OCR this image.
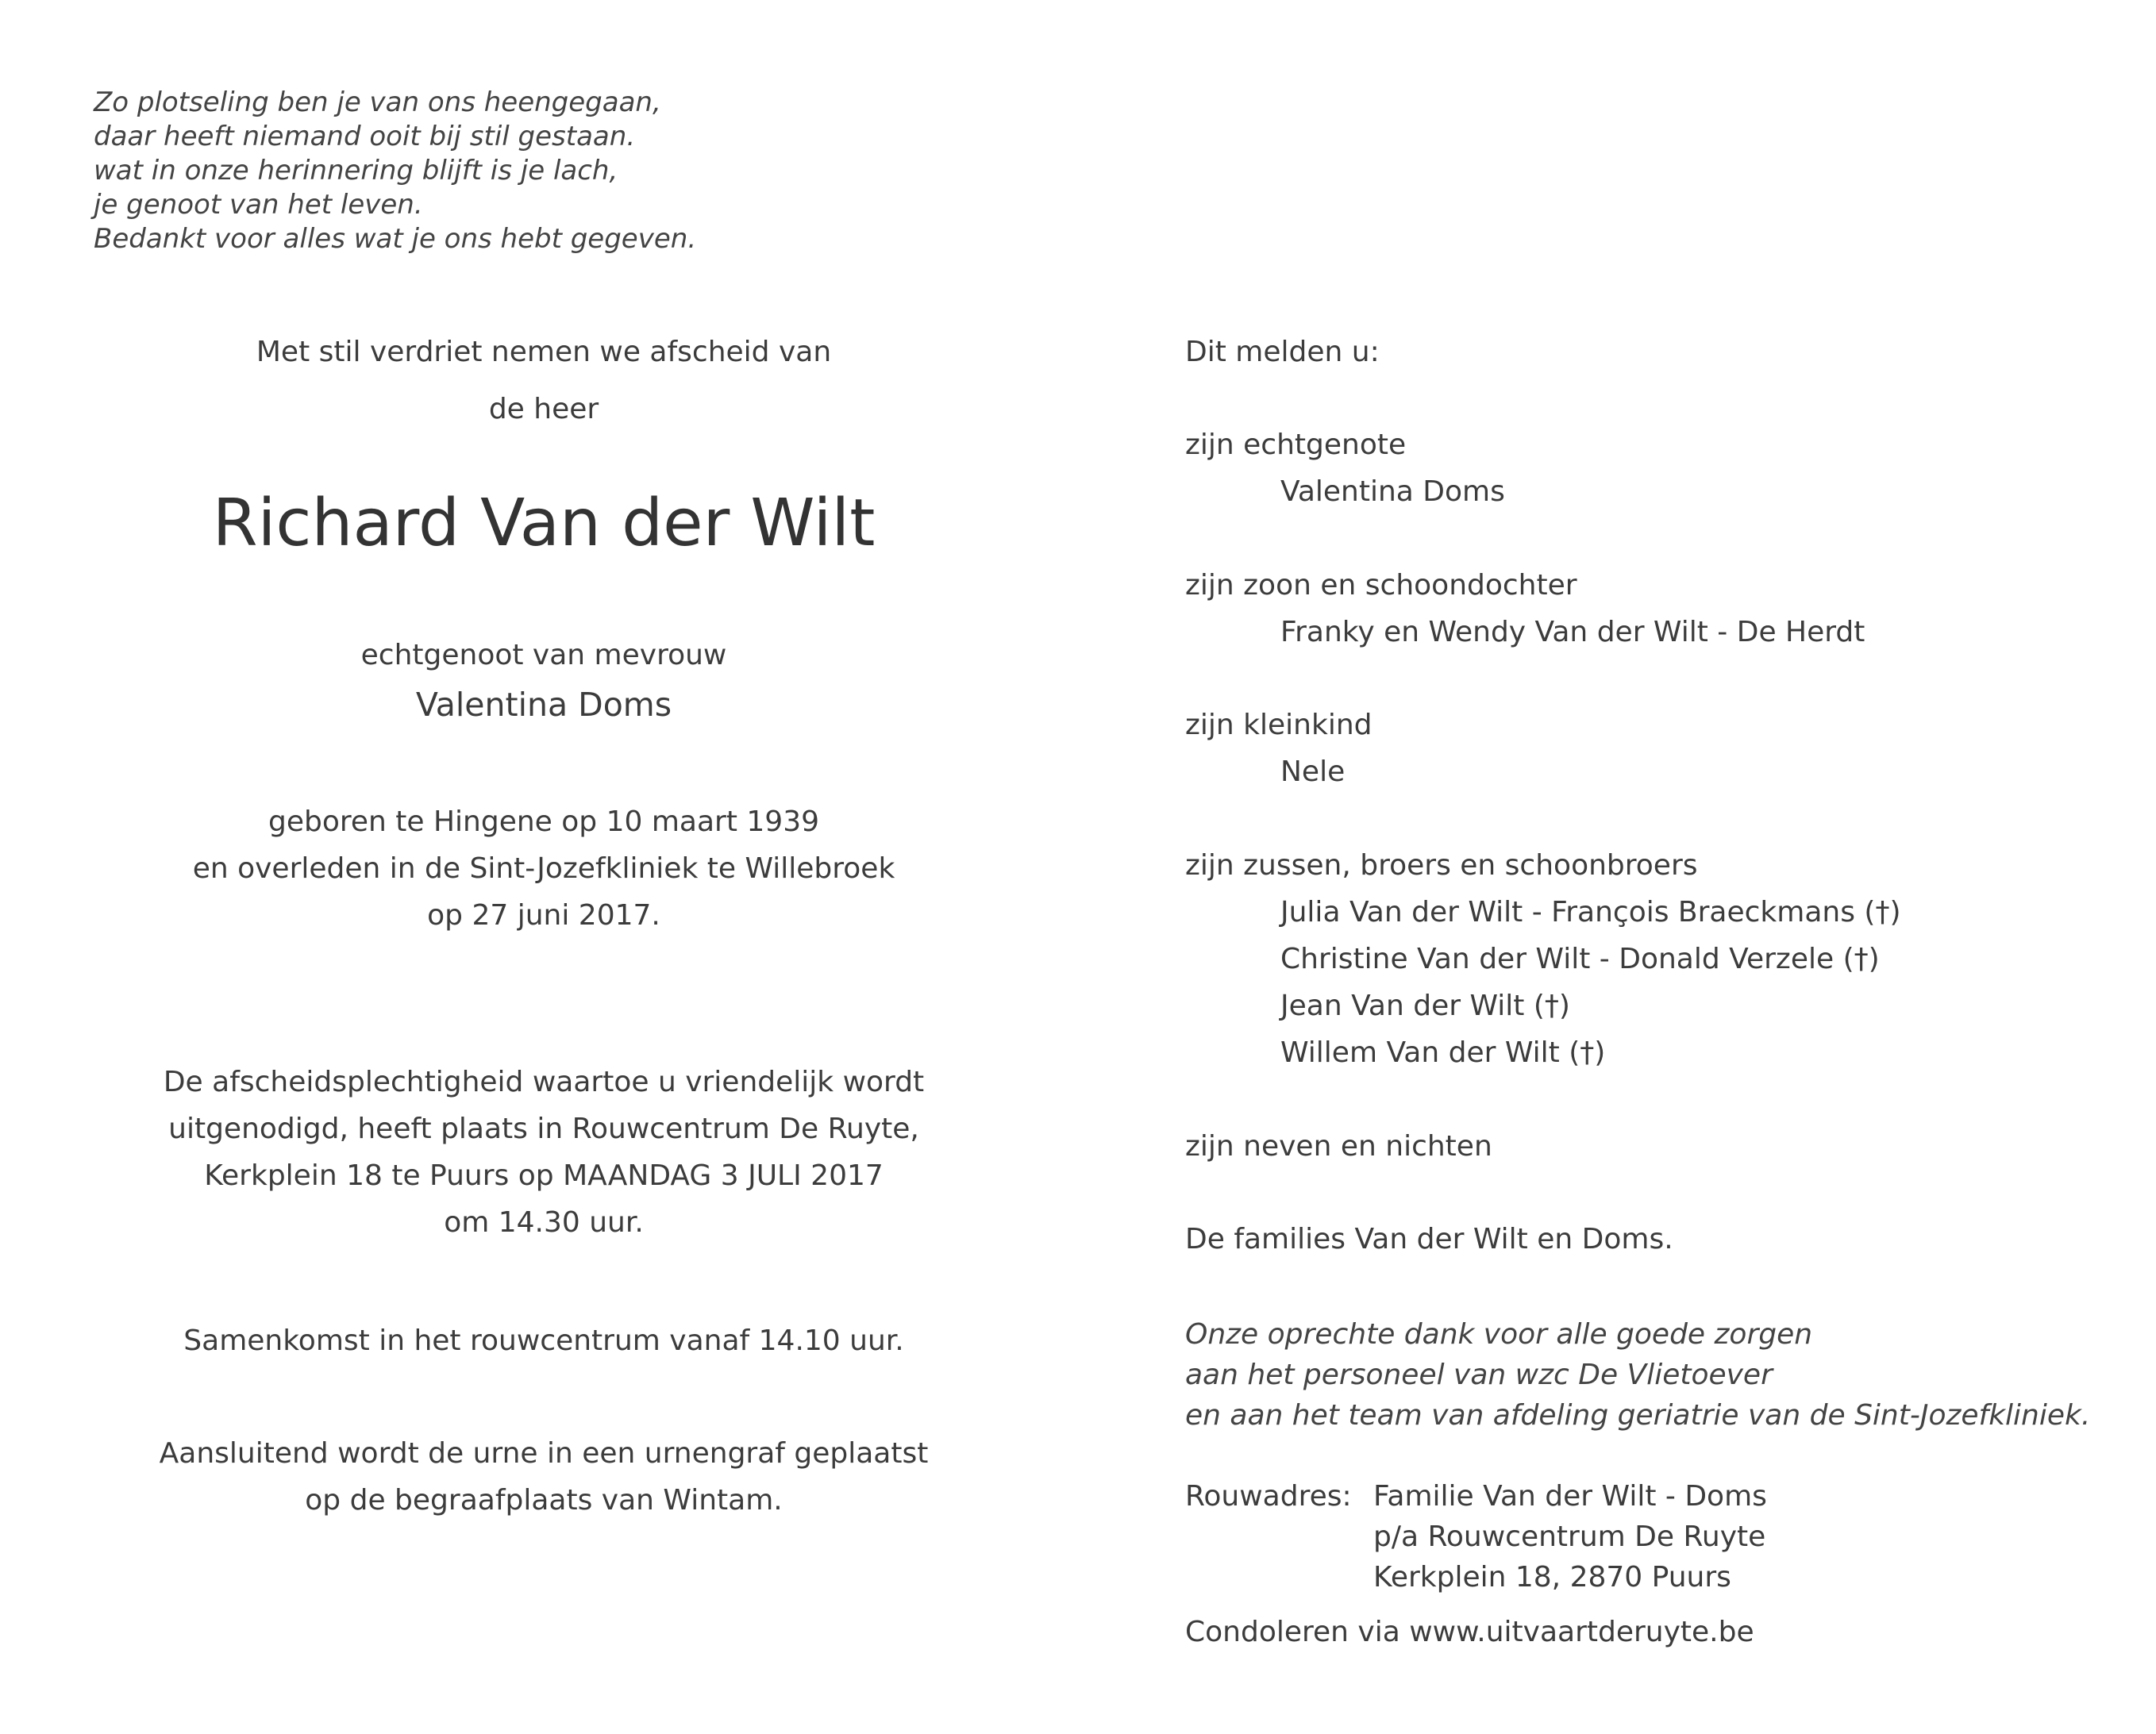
Zo plotseling ben je van ons heengegaan,
daar heeft niemand ooit bij stil gestaan.
wat in onze herinnering blijft is je lach,
je genoot van het leven.
Bedankt voor alles wat je ons hebt gegeven.
Met stil verdriet nemen we afscheid van
de heer
Richard Van der Wilt
echtgenoot van mevrouw
Valentina Doms
geboren te Hingene op 10 maart 1939
en overleden in de Sint-Jozefkliniek te Willebroek
op 27 juni 2017.
De afscheidsplechtigheid waartoe u vriendelijk wordt
uitgenodigd, heeft plaats in Rouwcentrum De Ruyte,
Kerkplein 18 te Puurs op MAANDAG 3 JULI 2017
om 14.30 uur.
Samenkomst in het rouwcentrum vanaf 14.10 uur.
Aansluitend wordt de urne in een urnengraf geplaatst
op de begraafplaats van Wintam.
Dit melden u:
zijn echtgenote
Valentina Doms
zijn zoon en schoondochter
Franky en Wendy Van der Wilt - De Herdt
zijn kleinkind
Nele
zijn zussen, broers en schoonbroers
Julia Van der Wilt - François Braeckmans (†)
Christine Van der Wilt - Donald Verzele (†)
Jean Van der Wilt (†)
Willem Van der Wilt (†)
zijn neven en nichten
De families Van der Wilt en Doms.
Onze oprechte dank voor alle goede zorgen
aan het personeel van wzc De Vlietoever
en aan het team van afdeling geriatrie van de Sint-Jozefkliniek.
Rouwadres: Familie Van der Wilt - Doms
p/a Rouwcentrum De Ruyte
Kerkplein 18, 2870 Puurs
Condoleren via www.uitvaartderuyte.be
